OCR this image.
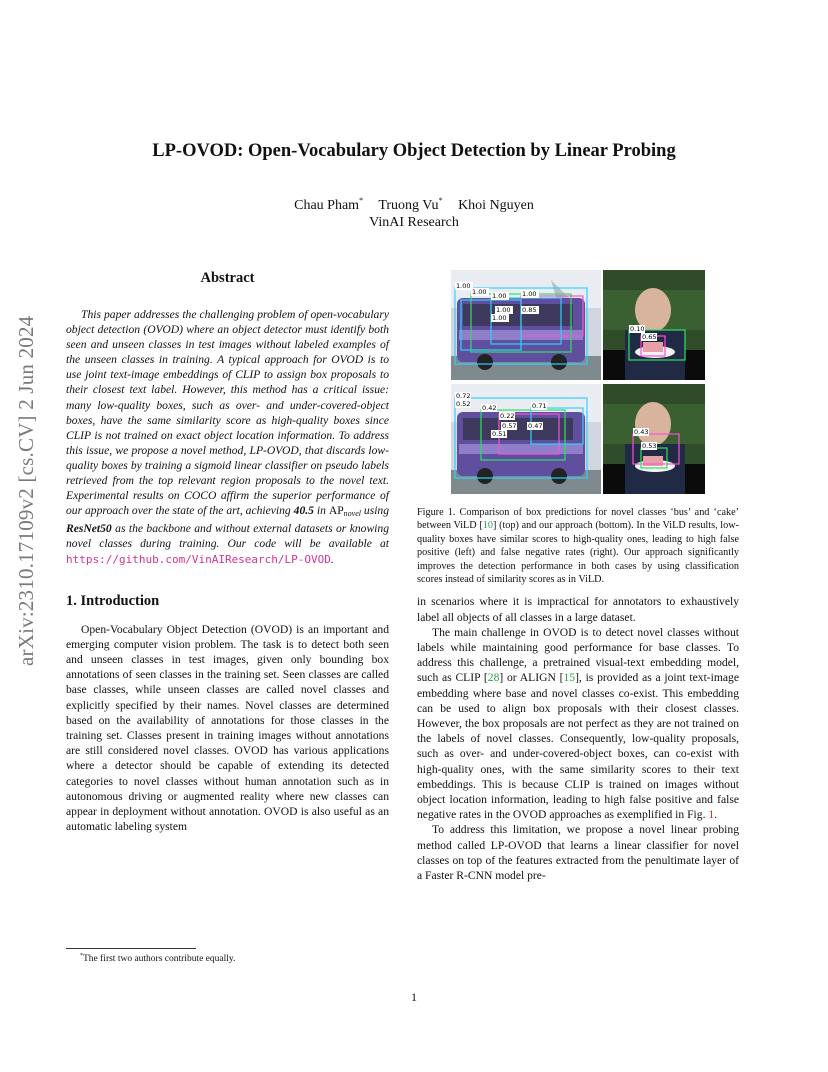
arXiv:2310.17109v2 [cs.CV] 2 Jun 2024
LP-OVOD: Open-Vocabulary Object Detection by Linear Probing
Chau Pham* Truong Vu* Khoi Nguyen
VinAI Research
Abstract

This paper addresses the challenging problem of open-vocabulary object detection (OVOD) where an object detector must identify both seen and unseen classes in test images without labeled examples of the unseen classes in training. A typical approach for OVOD is to use joint text-image embeddings of CLIP to assign box proposals to their closest text label. However, this method has a critical issue: many low-quality boxes, such as over- and under-covered-object boxes, have the same similarity score as high-quality boxes since CLIP is not trained on exact object location information. To address this issue, we propose a novel method, LP-OVOD, that discards low-quality boxes by training a sigmoid linear classifier on pseudo labels retrieved from the top relevant region proposals to the novel text. Experimental results on COCO affirm the superior performance of our approach over the state of the art, achieving 40.5 in $AP_{novel}$ using ResNet50 as the backbone and without external datasets or knowing novel classes during training. Our code will be available at https://github.com/VinAIResearch/LP-OVOD.

1. Introduction

Open-Vocabulary Object Detection (OVOD) is an important and emerging computer vision problem. The task is to detect both seen and unseen classes in test images, given only bounding box annotations of seen classes in the training set. Seen classes are called base classes, while unseen classes are called novel classes and explicitly specified by their names. Novel classes are determined based on the availability of annotations for those classes in the training set. Classes present in training images without annotations are still considered novel classes. OVOD has various applications where a detector should be capable of extending its detected categories to novel classes without human annotation such as in autonomous driving or augmented reality where new classes can appear in deployment without annotation. OVOD is also useful as an automatic labeling system

*The first two authors contribute equally.
1.00
1.00 1.00 1.00
1.00 0.85
1.00
0.10
0.65
0.72
0.52 0.42	0.71
0.22
0.57 0.47
0.51	0.43
0.53

Figure 1. Comparison of box predictions for novel classes ‘bus’ and ‘cake’ between ViLD [10] (top) and our approach (bottom). In the ViLD results, low-quality boxes have similar scores to high-quality ones, leading to high false positive (left) and false negative rates (right). Our approach significantly improves the detection performance in both cases by using classification scores instead of similarity scores as in ViLD.

in scenarios where it is impractical for annotators to exhaustively label all objects of all classes in a large dataset.

The main challenge in OVOD is to detect novel classes without labels while maintaining good performance for base classes. To address this challenge, a pretrained visual-text embedding model, such as CLIP [28] or ALIGN [15], is provided as a joint text-image embedding where base and novel classes co-exist. This embedding can be used to align box proposals with their closest classes. However, the box proposals are not perfect as they are not trained on the labels of novel classes. Consequently, low-quality proposals, such as over- and under-covered-object boxes, can co-exist with high-quality ones, with the same similarity scores to their text embeddings. This is because CLIP is trained on images without object location information, leading to high false positive and false negative rates in the OVOD approaches as exemplified in Fig. 1.

To address this limitation, we propose a novel linear probing method called LP-OVOD that learns a linear classifier for novel classes on top of the features extracted from the penultimate layer of a Faster R-CNN model pre-

1
